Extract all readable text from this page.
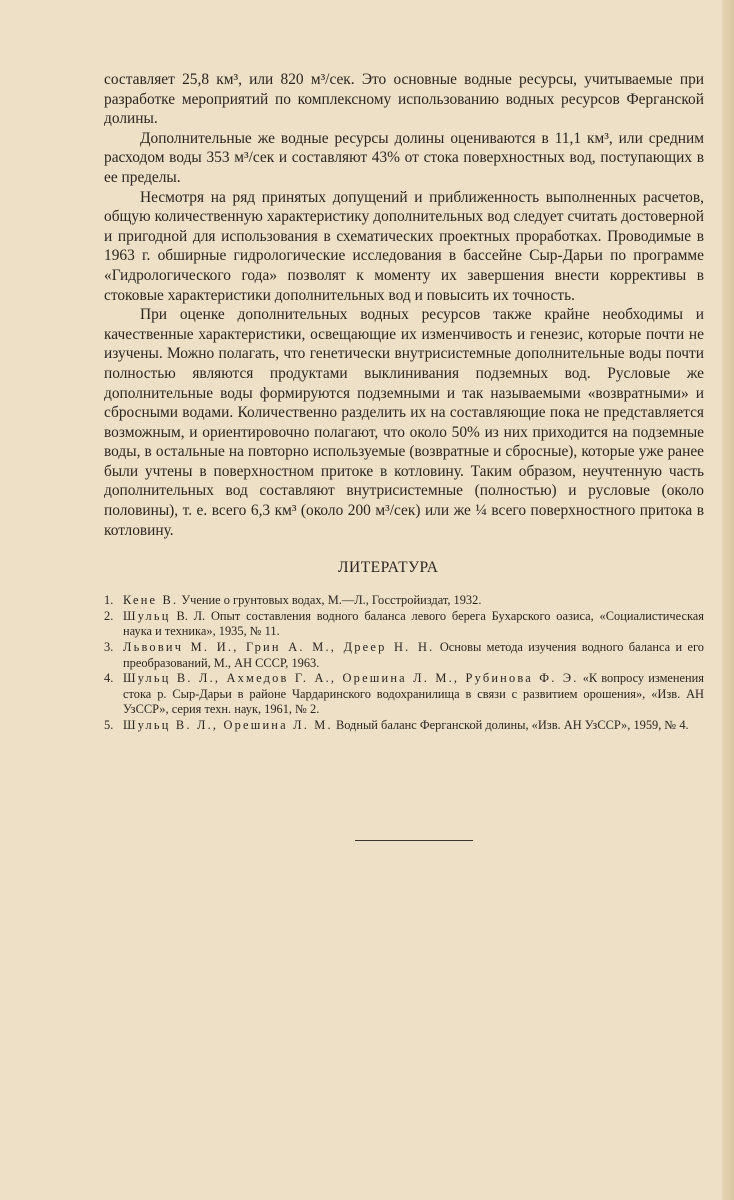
составляет 25,8 км³, или 820 м³/сек. Это основные водные ресурсы, учитываемые при разработке мероприятий по комплексному использованию водных ресурсов Ферганской долины.

Дополнительные же водные ресурсы долины оцениваются в 11,1 км³, или средним расходом воды 353 м³/сек и составляют 43% от стока поверхностных вод, поступающих в ее пределы.

Несмотря на ряд принятых допущений и приближенность выполненных расчетов, общую количественную характеристику дополнительных вод следует считать достоверной и пригодной для использования в схематических проектных проработках. Проводимые в 1963 г. обширные гидрологические исследования в бассейне Сыр-Дарьи по программе «Гидрологического года» позволят к моменту их завершения внести коррективы в стоковые характеристики дополнительных вод и повысить их точность.

При оценке дополнительных водных ресурсов также крайне необходимы и качественные характеристики, освещающие их изменчивость и генезис, которые почти не изучены. Можно полагать, что генетически внутрисистемные дополнительные воды почти полностью являются продуктами выклинивания подземных вод. Русловые же дополнительные воды формируются подземными и так называемыми «возвратными» и сбросными водами. Количественно разделить их на составляющие пока не представляется возможным, и ориентировочно полагают, что около 50% из них приходится на подземные воды, в остальные на повторно используемые (возвратные и сбросные), которые уже ранее были учтены в поверхностном притоке в котловину. Таким образом, неучтенную часть дополнительных вод составляют внутрисистемные (полностью) и русловые (около половины), т. е. всего 6,3 км³ (около 200 м³/сек) или же ¼ всего поверхностного притока в котловину.

ЛИТЕРАТУРА
1. Кене В. Учение о грунтовых водах, М.—Л., Госстройиздат, 1932.
2. Шульц В. Л. Опыт составления водного баланса левого берега Бухарского оазиса, «Социалистическая наука и техника», 1935, № 11.
3. Львович М. И., Грин А. М., Дреер Н. Н. Основы метода изучения водного баланса и его преобразований, М., АН СССР, 1963.
4. Шульц В. Л., Ахмедов Г. А., Орешина Л. М., Рубинова Ф. Э. «К вопросу изменения стока р. Сыр-Дарьи в районе Чардаринского водохранилища в связи с развитием орошения», «Изв. АН УзССР», серия техн. наук, 1961, № 2.
5. Шульц В. Л., Орешина Л. М. Водный баланс Ферганской долины, «Изв. АН УзССР», 1959, № 4.
